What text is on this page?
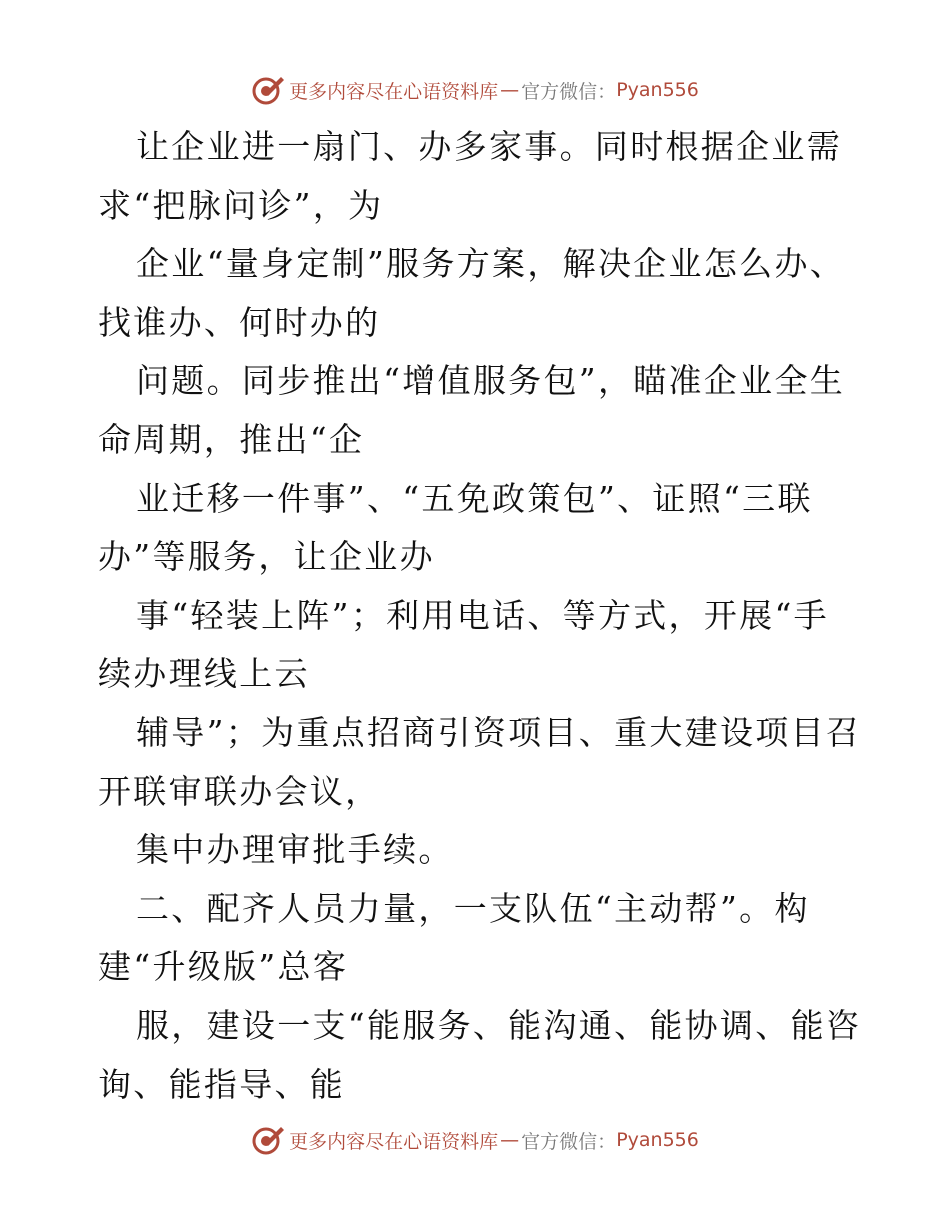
更多内容尽在心语资料库 — 官方微信： Pyan556
让企业进一扇门、办多家事。同时根据企业需
求“把脉问诊”，为
企业“量身定制”服务方案，解决企业怎么办、
找谁办、何时办的
问题。同步推出“增值服务包”，瞄准企业全生
命周期，推出“企
业迁移一件事”、“五免政策包”、证照“三联
办”等服务，让企业办
事“轻装上阵”；利用电话、等方式，开展“手
续办理线上云
辅导”；为重点招商引资项目、重大建设项目召
开联审联办会议，
集中办理审批手续。
二、配齐人员力量，一支队伍“主动帮”。构
建“升级版”总客
服，建设一支“能服务、能沟通、能协调、能咨
询、能指导、能
更多内容尽在心语资料库 — 官方微信： Pyan556
